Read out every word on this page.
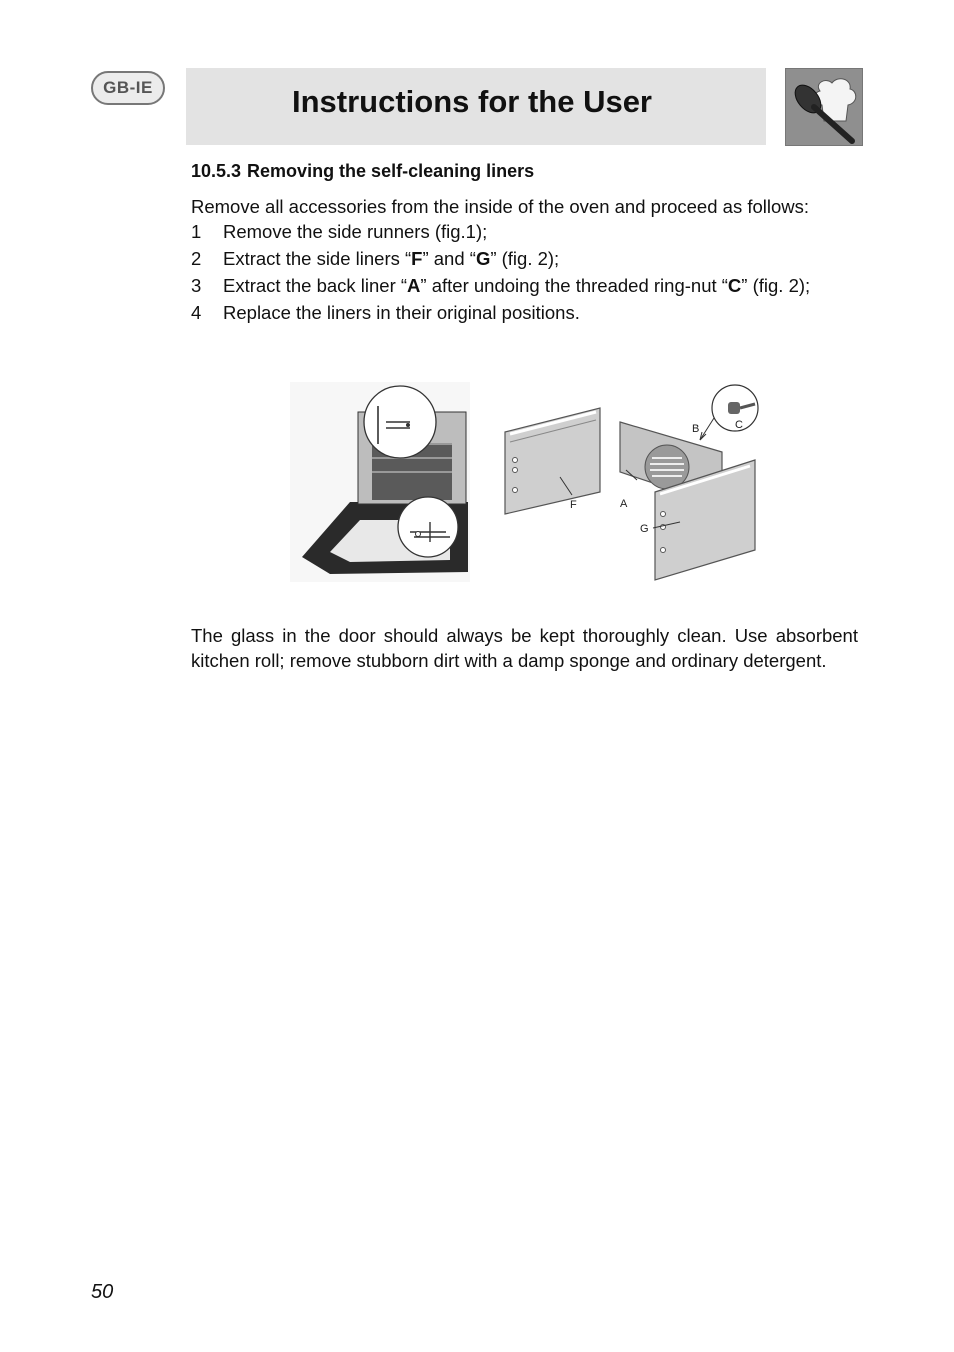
GB-IE	Instructions for the User
10.5.3 Removing the self-cleaning liners

Remove all accessories from the inside of the oven and proceed as follows:

1	Remove the side runners (fig.1);
2	Extract the side liners “F” and “G” (fig. 2);
3	Extract the back liner “A” after undoing the threaded ring-nut “C” (fig. 2);
4	Replace the liners in their original positions.
F	A
G
B	C

The glass in the door should always be kept thoroughly clean. Use absorbent kitchen roll; remove stubborn dirt with a damp sponge and ordinary detergent.

50
